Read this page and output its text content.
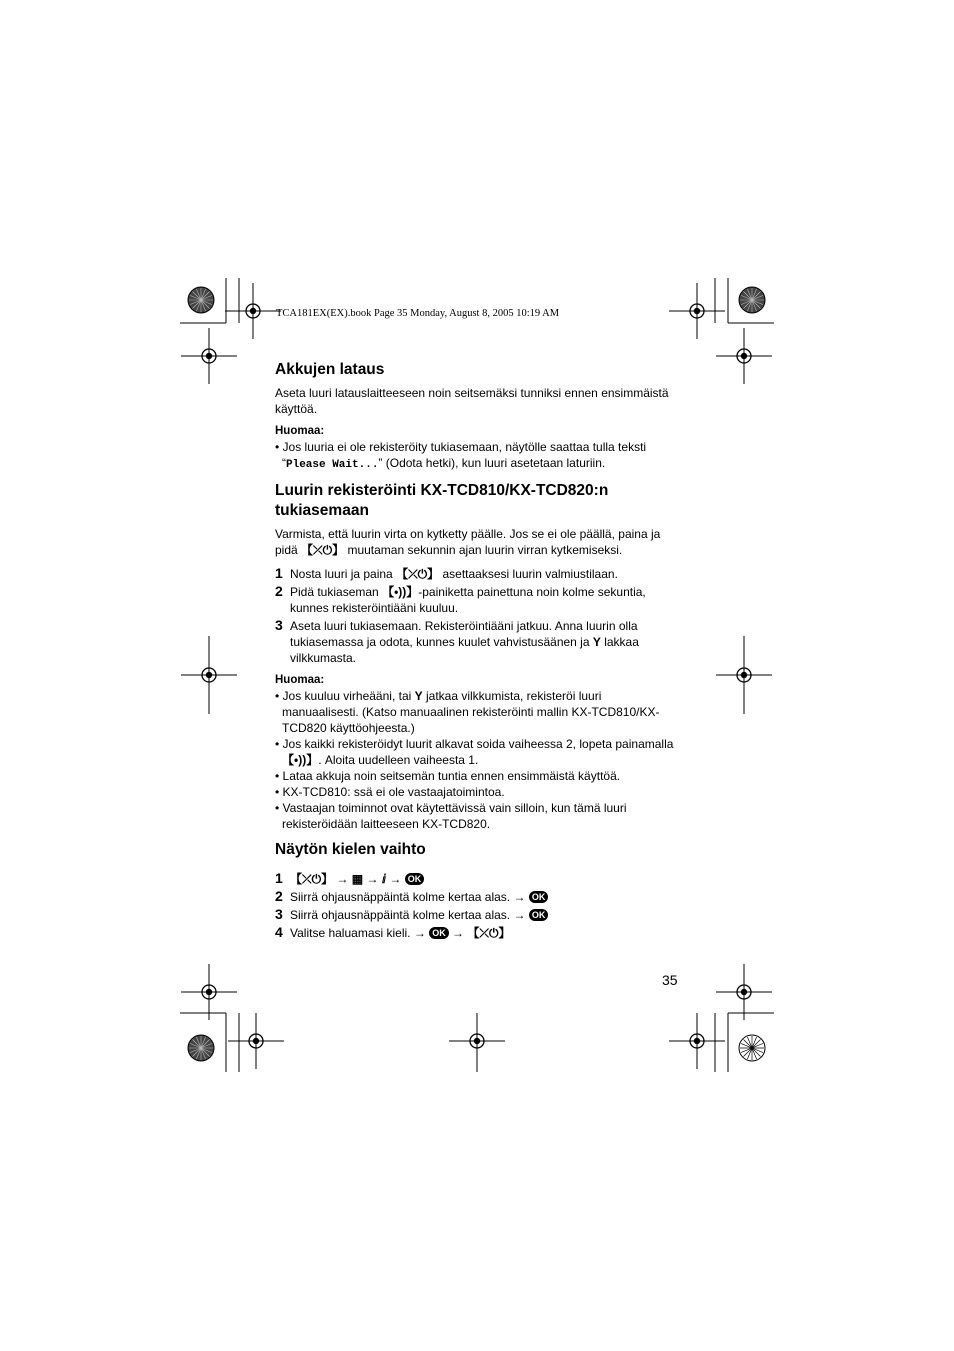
TCA181EX(EX).book Page 35 Monday, August 8, 2005 10:19 AM
Akkujen lataus

Aseta luuri latauslaitteeseen noin seitsemäksi tunniksi ennen ensimmäistä käyttöä.

Huomaa:

• Jos luuria ei ole rekisteröity tukiasemaan, näytölle saattaa tulla teksti “Please Wait...” (Odota hetki), kun luuri asetetaan laturiin.

Luurin rekisteröinti KX-TCD810/KX-TCD820:n tukiasemaan

Varmista, että luurin virta on kytketty päälle. Jos se ei ole päällä, paina ja pidä 【⤫⏻】 muutaman sekunnin ajan luurin virran kytkemiseksi.

1 Nosta luuri ja paina 【⤫⏻】 asettaaksesi luurin valmiustilaan.
2 Pidä tukiaseman 【•))】-painiketta painettuna noin kolme sekuntia, kunnes rekisteröintiääni kuuluu.
3 Aseta luuri tukiasemaan. Rekisteröintiääni jatkuu. Anna luurin olla tukiasemassa ja odota, kunnes kuulet vahvistusäänen ja Y lakkaa vilkkumasta.
Huomaa:

• Jos kuuluu virheääni, tai Y jatkaa vilkkumista, rekisteröi luuri manuaalisesti. (Katso manuaalinen rekisteröinti mallin KX-TCD810/KX-TCD820 käyttöohjeesta.)

• Jos kaikki rekisteröidyt luurit alkavat soida vaiheessa 2, lopeta painamalla 【•))】. Aloita uudelleen vaiheesta 1.

• Lataa akkuja noin seitsemän tuntia ennen ensimmäistä käyttöä.

• KX-TCD810: ssä ei ole vastaajatoimintoa.

• Vastaajan toiminnot ovat käytettävissä vain silloin, kun tämä luuri rekisteröidään laitteeseen KX-TCD820.

Näytön kielen vaihto
1 【⤫⏻】 → ▦ → ⅈ → OK
2 Siirrä ohjausnäppäintä kolme kertaa alas. → OK
3 Siirrä ohjausnäppäintä kolme kertaa alas. → OK
4 Valitse haluamasi kieli. → OK → 【⤫⏻】
35
